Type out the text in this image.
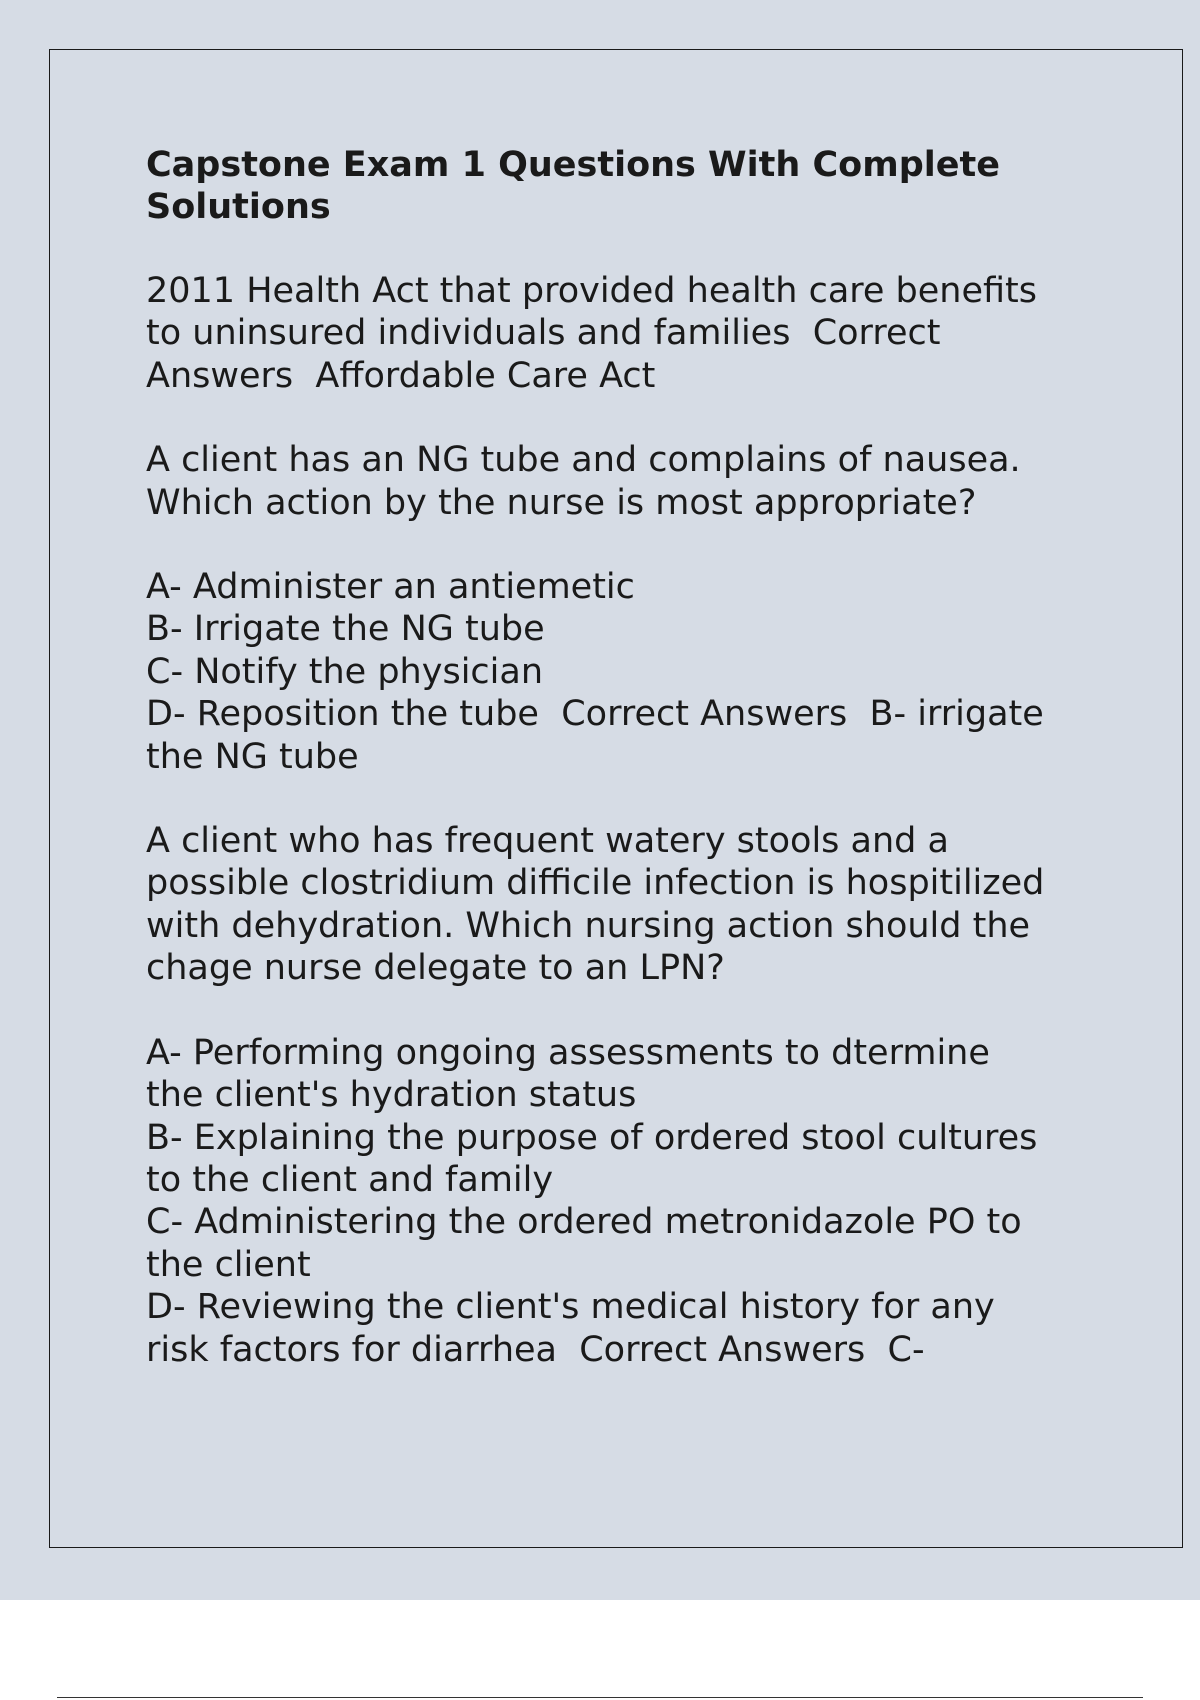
Capstone Exam 1 Questions With Complete
Solutions
2011 Health Act that provided health care benefits
to uninsured individuals and families  Correct
Answers  Affordable Care Act
A client has an NG tube and complains of nausea.
Which action by the nurse is most appropriate?
A- Administer an antiemetic
B- Irrigate the NG tube
C- Notify the physician
D- Reposition the tube  Correct Answers  B- irrigate
the NG tube
A client who has frequent watery stools and a
possible clostridium difficile infection is hospitilized
with dehydration. Which nursing action should the
chage nurse delegate to an LPN?
A- Performing ongoing assessments to dtermine
the client's hydration status
B- Explaining the purpose of ordered stool cultures
to the client and family
C- Administering the ordered metronidazole PO to
the client
D- Reviewing the client's medical history for any
risk factors for diarrhea  Correct Answers  C-
